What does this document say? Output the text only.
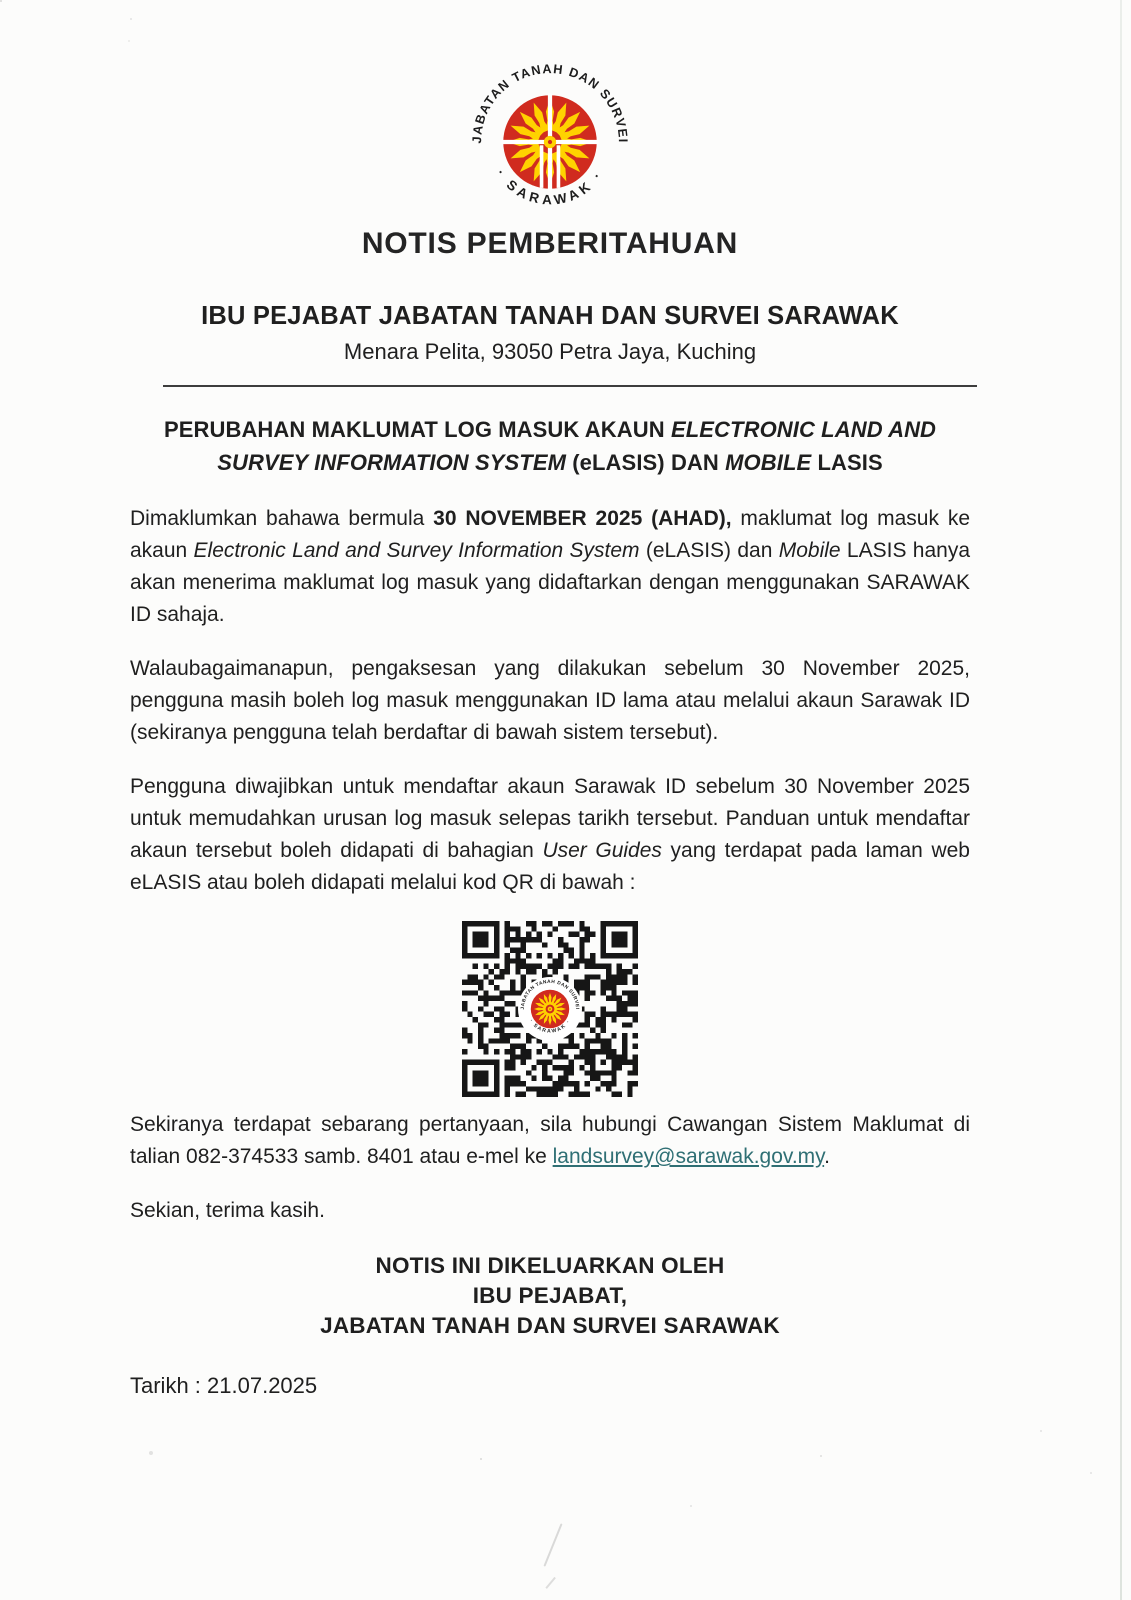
JABATAN TANAH DAN SURVEI
· SARAWAK ·
NOTIS PEMBERITAHUAN
IBU PEJABAT JABATAN TANAH DAN SURVEI SARAWAK
Menara Pelita, 93050 Petra Jaya, Kuching
PERUBAHAN MAKLUMAT LOG MASUK AKAUN ELECTRONIC LAND AND SURVEY INFORMATION SYSTEM (eLASIS) DAN MOBILE LASIS

Dimaklumkan bahawa bermula 30 NOVEMBER 2025 (AHAD), maklumat log masuk ke akaun Electronic Land and Survey Information System (eLASIS) dan Mobile LASIS hanya akan menerima maklumat log masuk yang didaftarkan dengan menggunakan SARAWAK ID sahaja.

Walaubagaimanapun, pengaksesan yang dilakukan sebelum 30 November 2025, pengguna masih boleh log masuk menggunakan ID lama atau melalui akaun Sarawak ID (sekiranya pengguna telah berdaftar di bawah sistem tersebut).

Pengguna diwajibkan untuk mendaftar akaun Sarawak ID sebelum 30 November 2025 untuk memudahkan urusan log masuk selepas tarikh tersebut. Panduan untuk mendaftar akaun tersebut boleh didapati di bahagian User Guides yang terdapat pada laman web eLASIS atau boleh didapati melalui kod QR di bawah :

JABATAN TANAH DAN SURVEI
· SARAWAK ·

Sekiranya terdapat sebarang pertanyaan, sila hubungi Cawangan Sistem Maklumat di talian 082-374533 samb. 8401 atau e-mel ke landsurvey@sarawak.gov.my.

Sekian, terima kasih.
NOTIS INI DIKELUARKAN OLEH
IBU PEJABAT,
JABATAN TANAH DAN SURVEI SARAWAK
Tarikh : 21.07.2025
